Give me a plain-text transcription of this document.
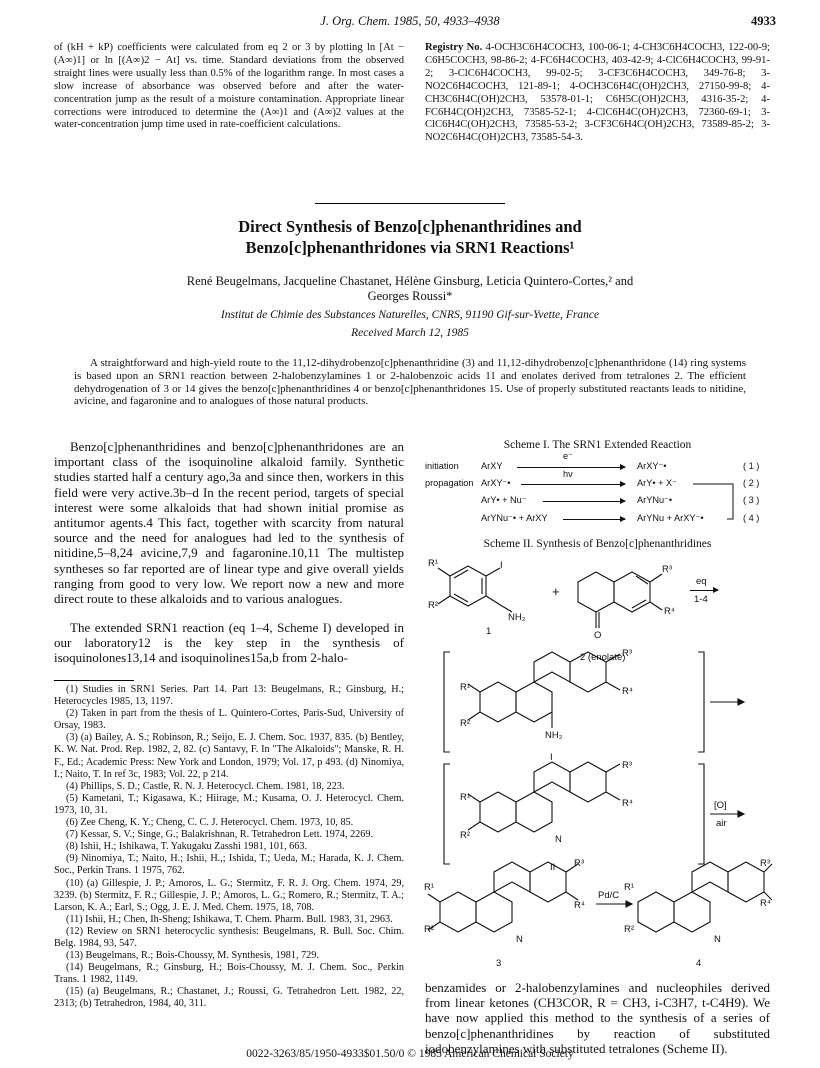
J. Org. Chem. 1985, 50, 4933–4938	4933
of (kH + kP) coefficients were calculated from eq 2 or 3 by plotting ln [At − (A∞)1] or ln [(A∞)2 − At] vs. time. Standard deviations from the observed straight lines were usually less than 0.5% of the logarithm range. In most cases a slow increase of absorbance was observed before and after the water-concentration jump as the result of a moisture contamination. Appropriate linear corrections were introduced to determine the (A∞)1 and (A∞)2 values at the water-concentration jump time used in rate-coefficient calculations.
Registry No. 4-OCH3C6H4COCH3, 100-06-1; 4-CH3C6H4COCH3, 122-00-9; C6H5COCH3, 98-86-2; 4-FC6H4COCH3, 403-42-9; 4-ClC6H4COCH3, 99-91-2; 3-ClC6H4COCH3, 99-02-5; 3-CF3C6H4COCH3, 349-76-8; 3-NO2C6H4COCH3, 121-89-1; 4-OCH3C6H4C(OH)2CH3, 27150-99-8; 4-CH3C6H4C(OH)2CH3, 53578-01-1; C6H5C(OH)2CH3, 4316-35-2; 4-FC6H4C(OH)2CH3, 73585-52-1; 4-ClC6H4C(OH)2CH3, 72360-69-1; 3-ClC6H4C(OH)2CH3, 73585-53-2; 3-CF3C6H4C(OH)2CH3, 73589-85-2; 3-NO2C6H4C(OH)2CH3, 73585-54-3.
Direct Synthesis of Benzo[c]phenanthridines and
Benzo[c]phenanthridones via SRN1 Reactions¹
René Beugelmans, Jacqueline Chastanet, Hélène Ginsburg, Leticia Quintero-Cortes,² and
Georges Roussi*
Institut de Chimie des Substances Naturelles, CNRS, 91190 Gif-sur-Yvette, France
Received March 12, 1985
A straightforward and high-yield route to the 11,12-dihydrobenzo[c]phenanthridine (3) and 11,12-dihydrobenzo[c]phenanthridone (14) ring systems is based upon an SRN1 reaction between 2-halobenzylamines 1 or 2-halobenzoic acids 11 and enolates derived from tetralones 2. The efficient dehydrogenation of 3 or 14 gives the benzo[c]phenanthridines 4 or benzo[c]phenanthridones 15. Use of properly substituted reactants leads to nitidine, avicine, and fagaronine and to analogues of those natural products.
Benzo[c]phenanthridines and benzo[c]phenanthridones are an important class of the isoquinoline alkaloid family. Synthetic studies started half a century ago,3a and since then, workers in this field were very active.3b–d In the recent period, targets of special interest were some alkaloids that had shown initial promise as antitumor agents.4 This fact, together with scarcity from natural source and the need for analogues had led to the synthesis of nitidine,5–8,24 avicine,7,9 and fagaronine.10,11 The multistep syntheses so far reported are of linear type and give overall yields ranging from good to very low. We report now a new and more direct route to these alkaloids and to various analogues.
The extended SRN1 reaction (eq 1–4, Scheme I) developed in our laboratory12 is the key step in the synthesis of isoquinolones13,14 and isoquinolines15a,b from 2-halo-

(1) Studies in SRN1 Series. Part 14. Part 13: Beugelmans, R.; Ginsburg, H.; Heterocycles 1985, 13, 1197.

(2) Taken in part from the thesis of L. Quintero-Cortes, Paris-Sud, University of Orsay, 1983.

(3) (a) Bailey, A. S.; Robinson, R.; Seijo, E. J. Chem. Soc. 1937, 835. (b) Bentley, K. W. Nat. Prod. Rep. 1982, 2, 82. (c) Santavy, F. In "The Alkaloids"; Manske, R. H. F., Ed.; Academic Press: New York and London, 1979; Vol. 17, p 493. (d) Ninomiya, I.; Naito, T. In ref 3c, 1983; Vol. 22, p 214.

(4) Phillips, S. D.; Castle, R. N. J. Heterocycl. Chem. 1981, 18, 223.

(5) Kametani, T.; Kigasawa, K.; Hiirage, M.; Kusama, O. J. Heterocycl. Chem. 1973, 10, 31.

(6) Zee Cheng, K. Y.; Cheng, C. C. J. Heterocycl. Chem. 1973, 10, 85.

(7) Kessar, S. V.; Singe, G.; Balakrishnan, R. Tetrahedron Lett. 1974, 2269.

(8) Ishii, H.; Ishikawa, T. Yakugaku Zasshi 1981, 101, 663.

(9) Ninomiya, T.; Naito, H.; Ishii, H.,; Ishida, T.; Ueda, M.; Harada, K. J. Chem. Soc., Perkin Trans. 1 1975, 762.

(10) (a) Gillespie, J. P.; Amoros, L. G.; Stermitz, F. R. J. Org. Chem. 1974, 29, 3239. (b) Stermitz, F. R.; Gillespie, J. P.; Amoros, L. G.; Romero, R.; Stermitz, T. A.; Larson, K. A.; Earl, S.; Ogg, J. E. J. Med. Chem. 1975, 18, 708.

(11) Ishii, H.; Chen, Ih-Sheng; Ishikawa, T. Chem. Pharm. Bull. 1983, 31, 2963.

(12) Review on SRN1 heterocyclic synthesis: Beugelmans, R. Bull. Soc. Chim. Belg. 1984, 93, 547.

(13) Beugelmans, R.; Bois-Choussy, M. Synthesis, 1981, 729.

(14) Beugelmans, R.; Ginsburg, H.; Bois-Choussy, M. J. Chem. Soc., Perkin Trans. 1 1982, 1149.

(15) (a) Beugelmans, R.; Chastanet, J.; Roussi, G. Tetrahedron Lett. 1982, 22, 2313; (b) Tetrahedron, 1984, 40, 311.

Scheme I. The SRN1 Extended Reaction
initiation ArXY
e⁻
ArXY⁻•	( 1 )
propagation ArXY⁻•
hν
ArY• + X⁻	( 2 )
ArY• + Nu⁻	ArYNu⁻•	( 3 )
ArYNu⁻• + ArXY	ArYNu + ArXY⁻•	( 4 )
Scheme II. Synthesis of Benzo[c]phenanthridines
R¹	I
R²
NH₂
1
+
R³
R⁴
O
2 (enolate)
eq
1-4
R¹
R²
R³
R⁴
NH₂
I
R¹
R²
R³
R⁴
N
II
[O]
air
R¹
R²
R³
R⁴
N
3
Pd/C
R¹
R²
R³
R⁴
N
4
benzamides or 2-halobenzylamines and nucleophiles derived from linear ketones (CH3COR, R = CH3, i-C3H7, t-C4H9). We have now applied this method to the synthesis of a series of benzo[c]phenanthridines by reaction of substituted iodobenzylamines with substituted tetralones (Scheme II).
0022-3263/85/1950-4933$01.50/0 © 1985 American Chemical Society
